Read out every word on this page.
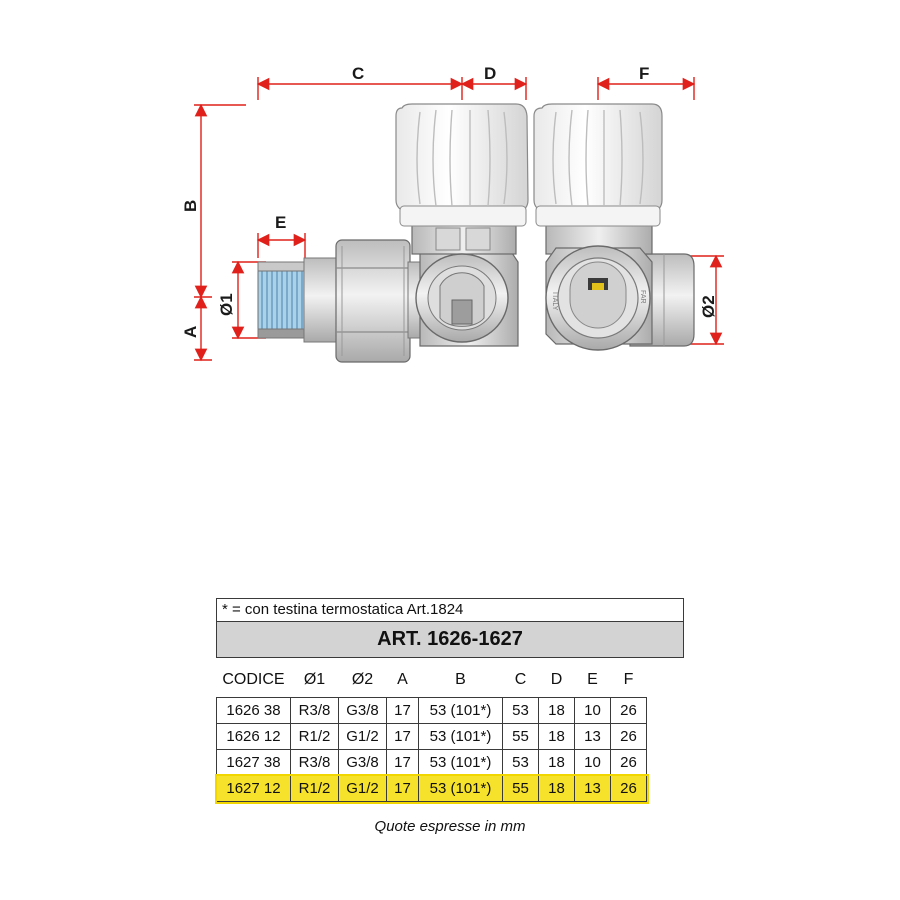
C	D	F
E
B
A
Ø1	Ø2
ITALY	FAR
* = con testina termostatica Art.1824
ART. 1626-1627
CODICE	Ø1	Ø2	A	B	C	D	E	F
1626 38	R3/8	G3/8	17	53 (101*)	53	18	10	26
1626 12	R1/2	G1/2	17	53 (101*)	55	18	13	26
1627 38	R3/8	G3/8	17	53 (101*)	53	18	10	26
1627 12	R1/2	G1/2	17	53 (101*)	55	18	13	26
Quote espresse in mm
